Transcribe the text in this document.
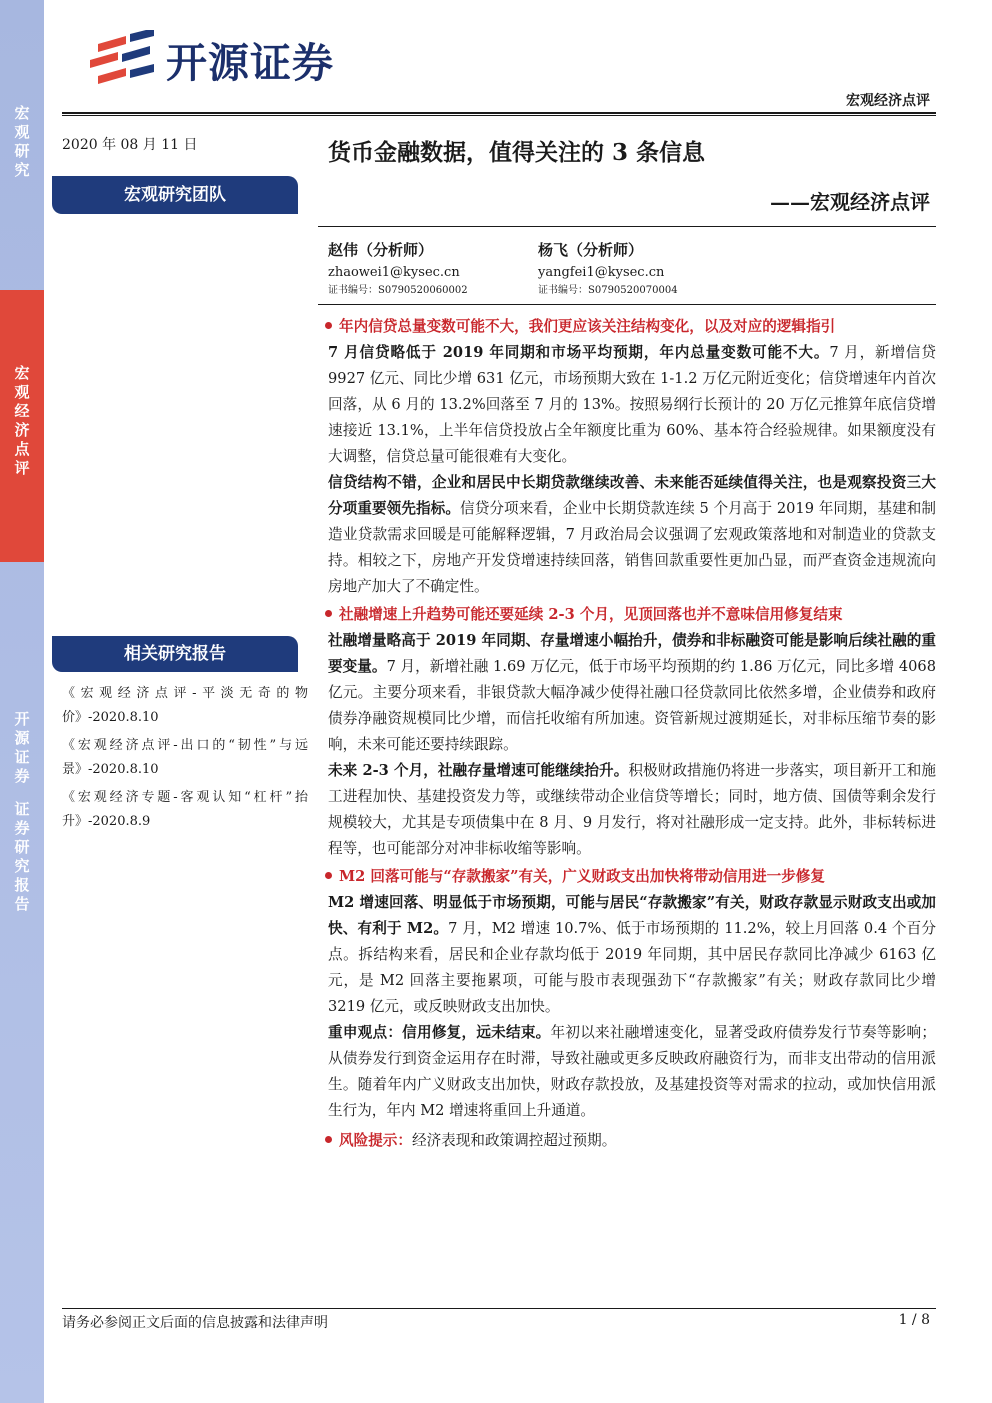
宏
观
研
究
宏
观
经
济
点
评
开
源
证
券
证
券
研
究
报
告
开源证券
宏观经济点评
2020 年 08 月 11 日
宏观研究团队
货币金融数据，值得关注的 3 条信息
——宏观经济点评
赵伟（分析师）
zhaowei1@kysec.cn
证书编号：S0790520060002
杨飞（分析师）
yangfei1@kysec.cn
证书编号：S0790520070004
年内信贷总量变数可能不大，我们更应该关注结构变化，以及对应的逻辑指引

7 月信贷略低于 2019 年同期和市场平均预期，年内总量变数可能不大。7 月，新增信贷 9927 亿元、同比少增 631 亿元，市场预期大致在 1-1.2 万亿元附近变化；信贷增速年内首次回落，从 6 月的 13.2%回落至 7 月的 13%。按照易纲行长预计的 20 万亿元推算年底信贷增速接近 13.1%，上半年信贷投放占全年额度比重为 60%、基本符合经验规律。如果额度没有大调整，信贷总量可能很难有大变化。

信贷结构不错，企业和居民中长期贷款继续改善、未来能否延续值得关注，也是观察投资三大分项重要领先指标。信贷分项来看，企业中长期贷款连续 5 个月高于 2019 年同期，基建和制造业贷款需求回暖是可能解释逻辑，7 月政治局会议强调了宏观政策落地和对制造业的贷款支持。相较之下，房地产开发贷增速持续回落，销售回款重要性更加凸显，而严查资金违规流向房地产加大了不确定性。

社融增速上升趋势可能还要延续 2-3 个月，见顶回落也并不意味信用修复结束

社融增量略高于 2019 年同期、存量增速小幅抬升，债券和非标融资可能是影响后续社融的重要变量。7 月，新增社融 1.69 万亿元，低于市场平均预期的约 1.86 万亿元，同比多增 4068 亿元。主要分项来看，非银贷款大幅净减少使得社融口径贷款同比依然多增，企业债券和政府债券净融资规模同比少增，而信托收缩有所加速。资管新规过渡期延长，对非标压缩节奏的影响，未来可能还要持续跟踪。

未来 2-3 个月，社融存量增速可能继续抬升。积极财政措施仍将进一步落实，项目新开工和施工进程加快、基建投资发力等，或继续带动企业信贷等增长；同时，地方债、国债等剩余发行规模较大，尤其是专项债集中在 8 月、9 月发行，将对社融形成一定支持。此外，非标转标进程等，也可能部分对冲非标收缩等影响。

M2 回落可能与“存款搬家”有关，广义财政支出加快将带动信用进一步修复

M2 增速回落、明显低于市场预期，可能与居民“存款搬家”有关，财政存款显示财政支出或加快、有利于 M2。7 月，M2 增速 10.7%、低于市场预期的 11.2%，较上月回落 0.4 个百分点。拆结构来看，居民和企业存款均低于 2019 年同期，其中居民存款同比净减少 6163 亿元，是 M2 回落主要拖累项，可能与股市表现强劲下“存款搬家”有关；财政存款同比少增 3219 亿元，或反映财政支出加快。

重申观点：信用修复，远未结束。年初以来社融增速变化，显著受政府债券发行节奏等影响；从债券发行到资金运用存在时滞，导致社融或更多反映政府融资行为，而非支出带动的信用派生。随着年内广义财政支出加快，财政存款投放，及基建投资等对需求的拉动，或加快信用派生行为，年内 M2 增速将重回上升通道。

风险提示：经济表现和政策调控超过预期。
相关研究报告

《宏观经济点评-平淡无奇的物价》-2020.8.10

《宏观经济点评-出口的“韧性”与远景》-2020.8.10

《宏观经济专题-客观认知“杠杆”抬升》-2020.8.9

请务必参阅正文后面的信息披露和法律声明	1 / 8
